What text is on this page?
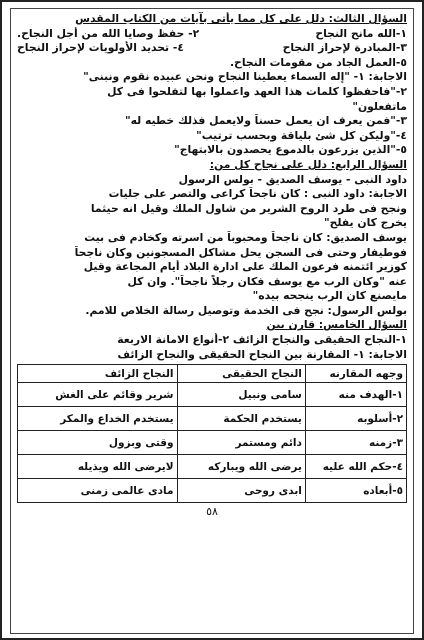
السؤال الثالث: دلل على كل مما يأتى بآيات من الكتاب المقدس
١-الله مانح النجاح
٢- حفظ وصايا الله من أجل النجاح.
٣-المبادرة لإحراز النجاح
٤- تحديد الأولويات لإحراز النجاح
٥-العمل الجاد من مقومات النجاح.
الاجابة: ١- "إله السماء يعطينا النجاح ونحن عبيده نقوم ونبنى"
٢-"فاحفظوا كلمات هذا العهد واعملوا بها لتفلحوا فى كل
ماتفعلون"
٣-"فمن يعرف ان يعمل حسناً ولايعمل فذلك خطيه له"
٤-"وليكن كل شئ بلياقة وبحسب ترتيب"
٥-"الذين يزرعون بالدموع يحصدون بالابتهاج"
السؤال الرابع: دلل على نجاح كل من:
داود النبى - يوسف الصديق - بولس الرسول
الاجابة: داود النبى : كان ناجحاً كراعى والتصر على جليات
ونجح فى طرد الروح الشرير من شاول الملك وقيل انه حيثما
يخرج كان يفلح"
يوسف الصديق: كان ناجحاً ومحبوباً من اسرته وكخادم فى بيت
فوطيفار وحتى فى السجن يحل مشاكل المسجونين وكان ناجحاً
كوزير ائتمنه فرعون الملك على ادارة البلاد أيام المجاعة وقيل
عنه "وكان الرب مع يوسف فكان رجلاً ناجحاً". وان كل
مايصنع كان الرب ينجحه بيده"
بولس الرسول: نجح فى الخدمة وتوصيل رسالة الخلاص للامم.
السؤال الخامس: قارن بين
١-النجاح الحقيقى والنجاح الزائف ٢-أنواع الامانة الاربعة
الاجابة: ١- المقارنة بين النجاح الحقيقى والنجاح الزائف
وجهه المقارنه	النجاح الحقيقى	النجاح الزائف
١-الهدف منه	سامى ونبيل	شرير وقائم على الغش
٢-أسلوبه	يستخدم الحكمة	يستخدم الخداع والمكر
٣-زمنه	دائم ومستمر	وقتى وبزول
٤-حكم الله عليه	يرضى الله ويباركه	لايرضى الله ويذيله
٥-أبعاده	ابدى روحى	مادى عالمى زمنى
٥٨
